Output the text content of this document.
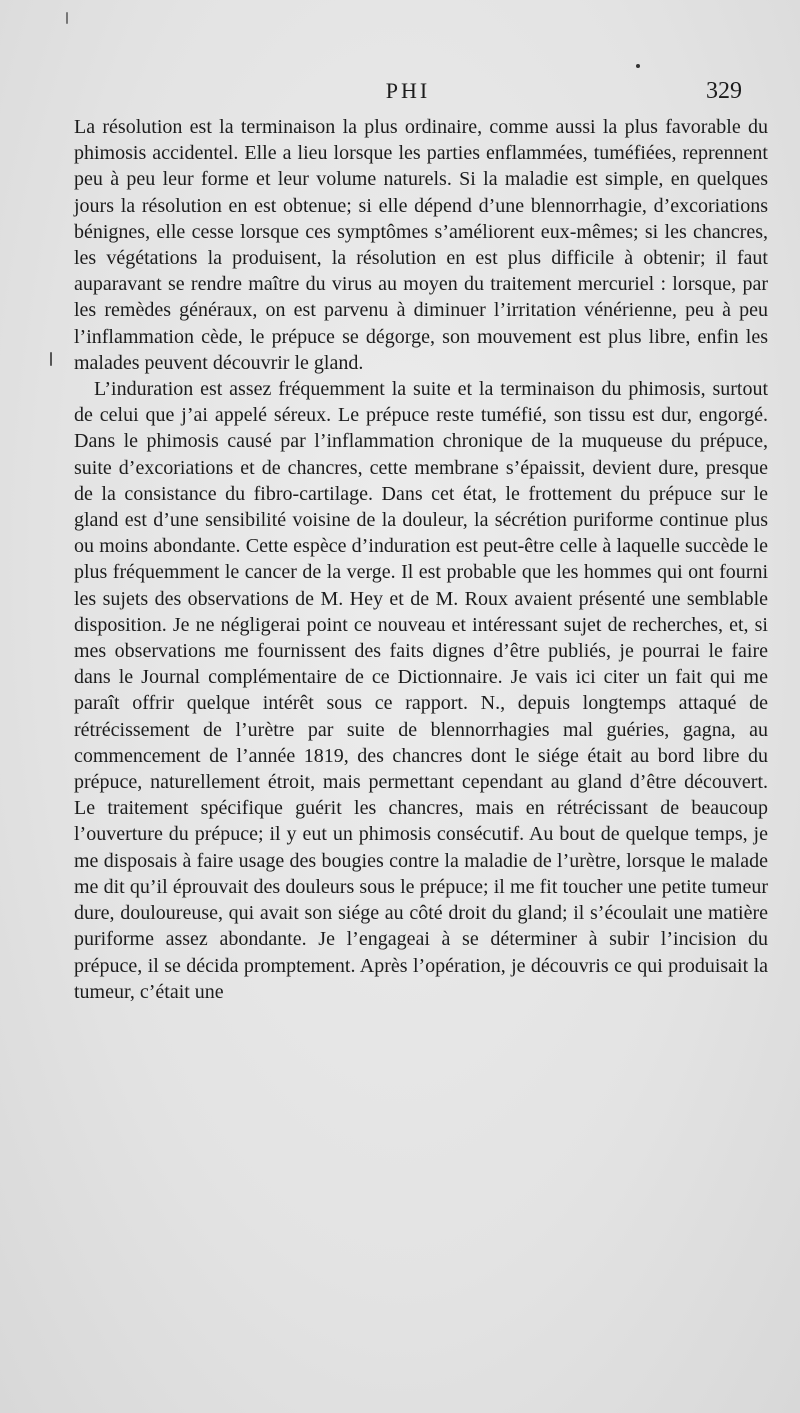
PHI	329

La résolution est la terminaison la plus ordinaire, comme aussi la plus favorable du phimosis accidentel. Elle a lieu lorsque les parties enflammées, tuméfiées, reprennent peu à peu leur forme et leur volume naturels. Si la maladie est simple, en quelques jours la résolution en est obtenue; si elle dépend d’une blennorrhagie, d’excoriations bénignes, elle cesse lorsque ces symptômes s’améliorent eux-mêmes; si les chancres, les végétations la produisent, la résolution en est plus difficile à obtenir; il faut auparavant se rendre maître du virus au moyen du traitement mercuriel : lorsque, par les remèdes généraux, on est parvenu à diminuer l’irritation vénérienne, peu à peu l’inflammation cède, le prépuce se dégorge, son mouvement est plus libre, enfin les malades peuvent découvrir le gland.

L’induration est assez fréquemment la suite et la terminaison du phimosis, surtout de celui que j’ai appelé séreux. Le prépuce reste tuméfié, son tissu est dur, engorgé. Dans le phimosis causé par l’inflammation chronique de la muqueuse du prépuce, suite d’excoriations et de chancres, cette membrane s’épaissit, devient dure, presque de la consistance du fibro-cartilage. Dans cet état, le frottement du prépuce sur le gland est d’une sensibilité voisine de la douleur, la sécrétion puriforme continue plus ou moins abondante. Cette espèce d’induration est peut-être celle à laquelle succède le plus fréquemment le cancer de la verge. Il est probable que les hommes qui ont fourni les sujets des observations de M. Hey et de M. Roux avaient présenté une semblable disposition. Je ne négligerai point ce nouveau et intéressant sujet de recherches, et, si mes observations me fournissent des faits dignes d’être publiés, je pourrai le faire dans le Journal complémentaire de ce Dictionnaire. Je vais ici citer un fait qui me paraît offrir quelque intérêt sous ce rapport. N., depuis longtemps attaqué de rétrécissement de l’urètre par suite de blennorrhagies mal guéries, gagna, au commencement de l’année 1819, des chancres dont le siége était au bord libre du prépuce, naturellement étroit, mais permettant cependant au gland d’être découvert. Le traitement spécifique guérit les chancres, mais en rétrécissant de beaucoup l’ouverture du prépuce; il y eut un phimosis consécutif. Au bout de quelque temps, je me disposais à faire usage des bougies contre la maladie de l’urètre, lorsque le malade me dit qu’il éprouvait des douleurs sous le prépuce; il me fit toucher une petite tumeur dure, douloureuse, qui avait son siége au côté droit du gland; il s’écoulait une matière puriforme assez abondante. Je l’engageai à se déterminer à subir l’incision du prépuce, il se décida promptement. Après l’opération, je découvris ce qui produisait la tumeur, c’était une
